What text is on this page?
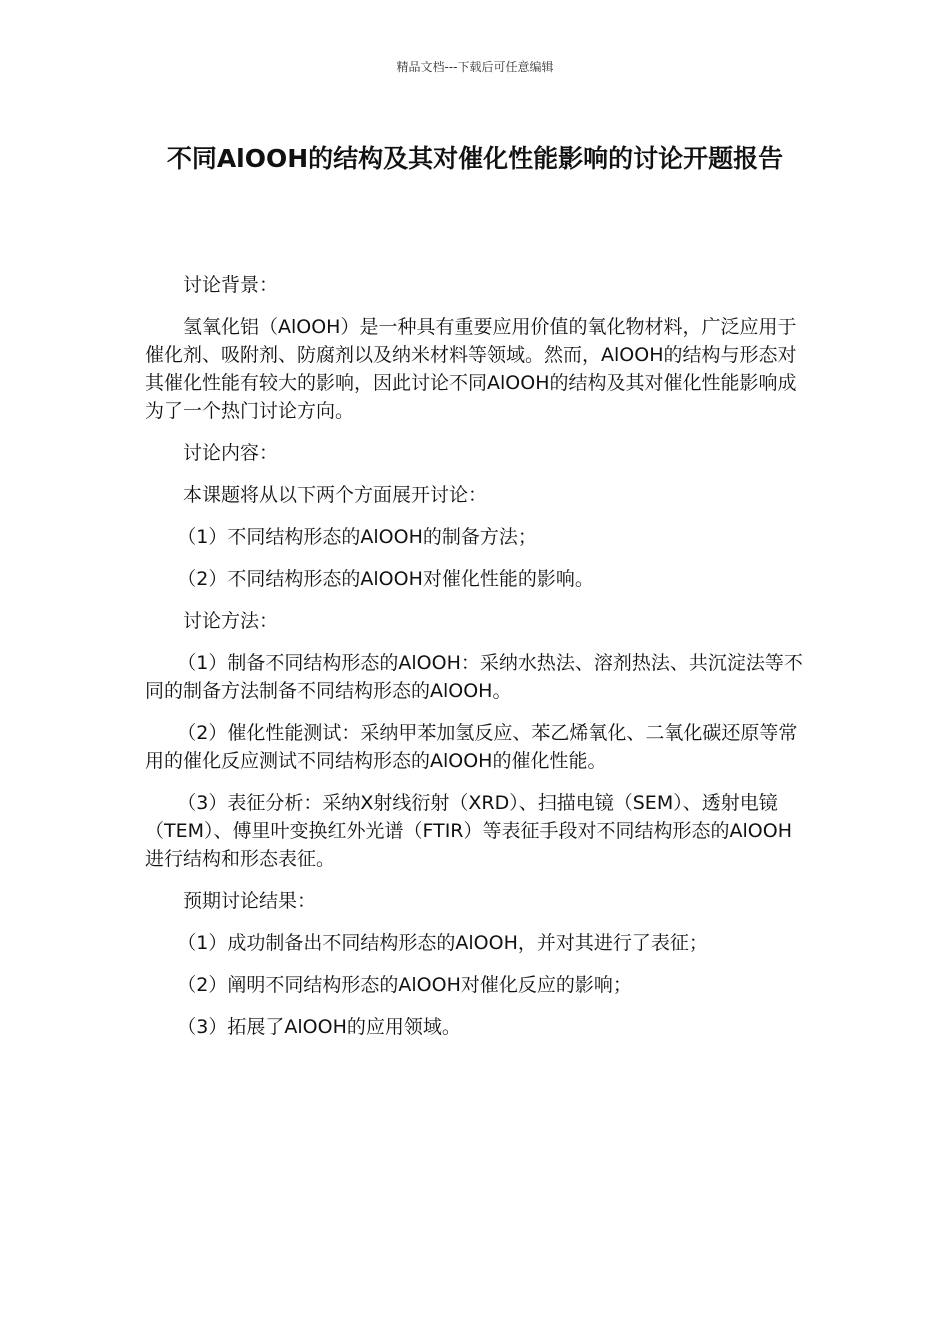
精品文档---下载后可任意编辑
不同AlOOH的结构及其对催化性能影响的讨论开题报告

讨论背景：

氢氧化铝（AlOOH）是一种具有重要应用价值的氧化物材料，广泛应用于催化剂、吸附剂、防腐剂以及纳米材料等领域。然而，AlOOH的结构与形态对其催化性能有较大的影响，因此讨论不同AlOOH的结构及其对催化性能影响成为了一个热门讨论方向。

讨论内容：

本课题将从以下两个方面展开讨论：

（1）不同结构形态的AlOOH的制备方法；

（2）不同结构形态的AlOOH对催化性能的影响。

讨论方法：

（1）制备不同结构形态的AlOOH：采纳水热法、溶剂热法、共沉淀法等不同的制备方法制备不同结构形态的AlOOH。

（2）催化性能测试：采纳甲苯加氢反应、苯乙烯氧化、二氧化碳还原等常用的催化反应测试不同结构形态的AlOOH的催化性能。

（3）表征分析：采纳X射线衍射（XRD）、扫描电镜（SEM）、透射电镜（TEM）、傅里叶变换红外光谱（FTIR）等表征手段对不同结构形态的AlOOH进行结构和形态表征。

预期讨论结果：

（1）成功制备出不同结构形态的AlOOH，并对其进行了表征；

（2）阐明不同结构形态的AlOOH对催化反应的影响；

（3）拓展了AlOOH的应用领域。
